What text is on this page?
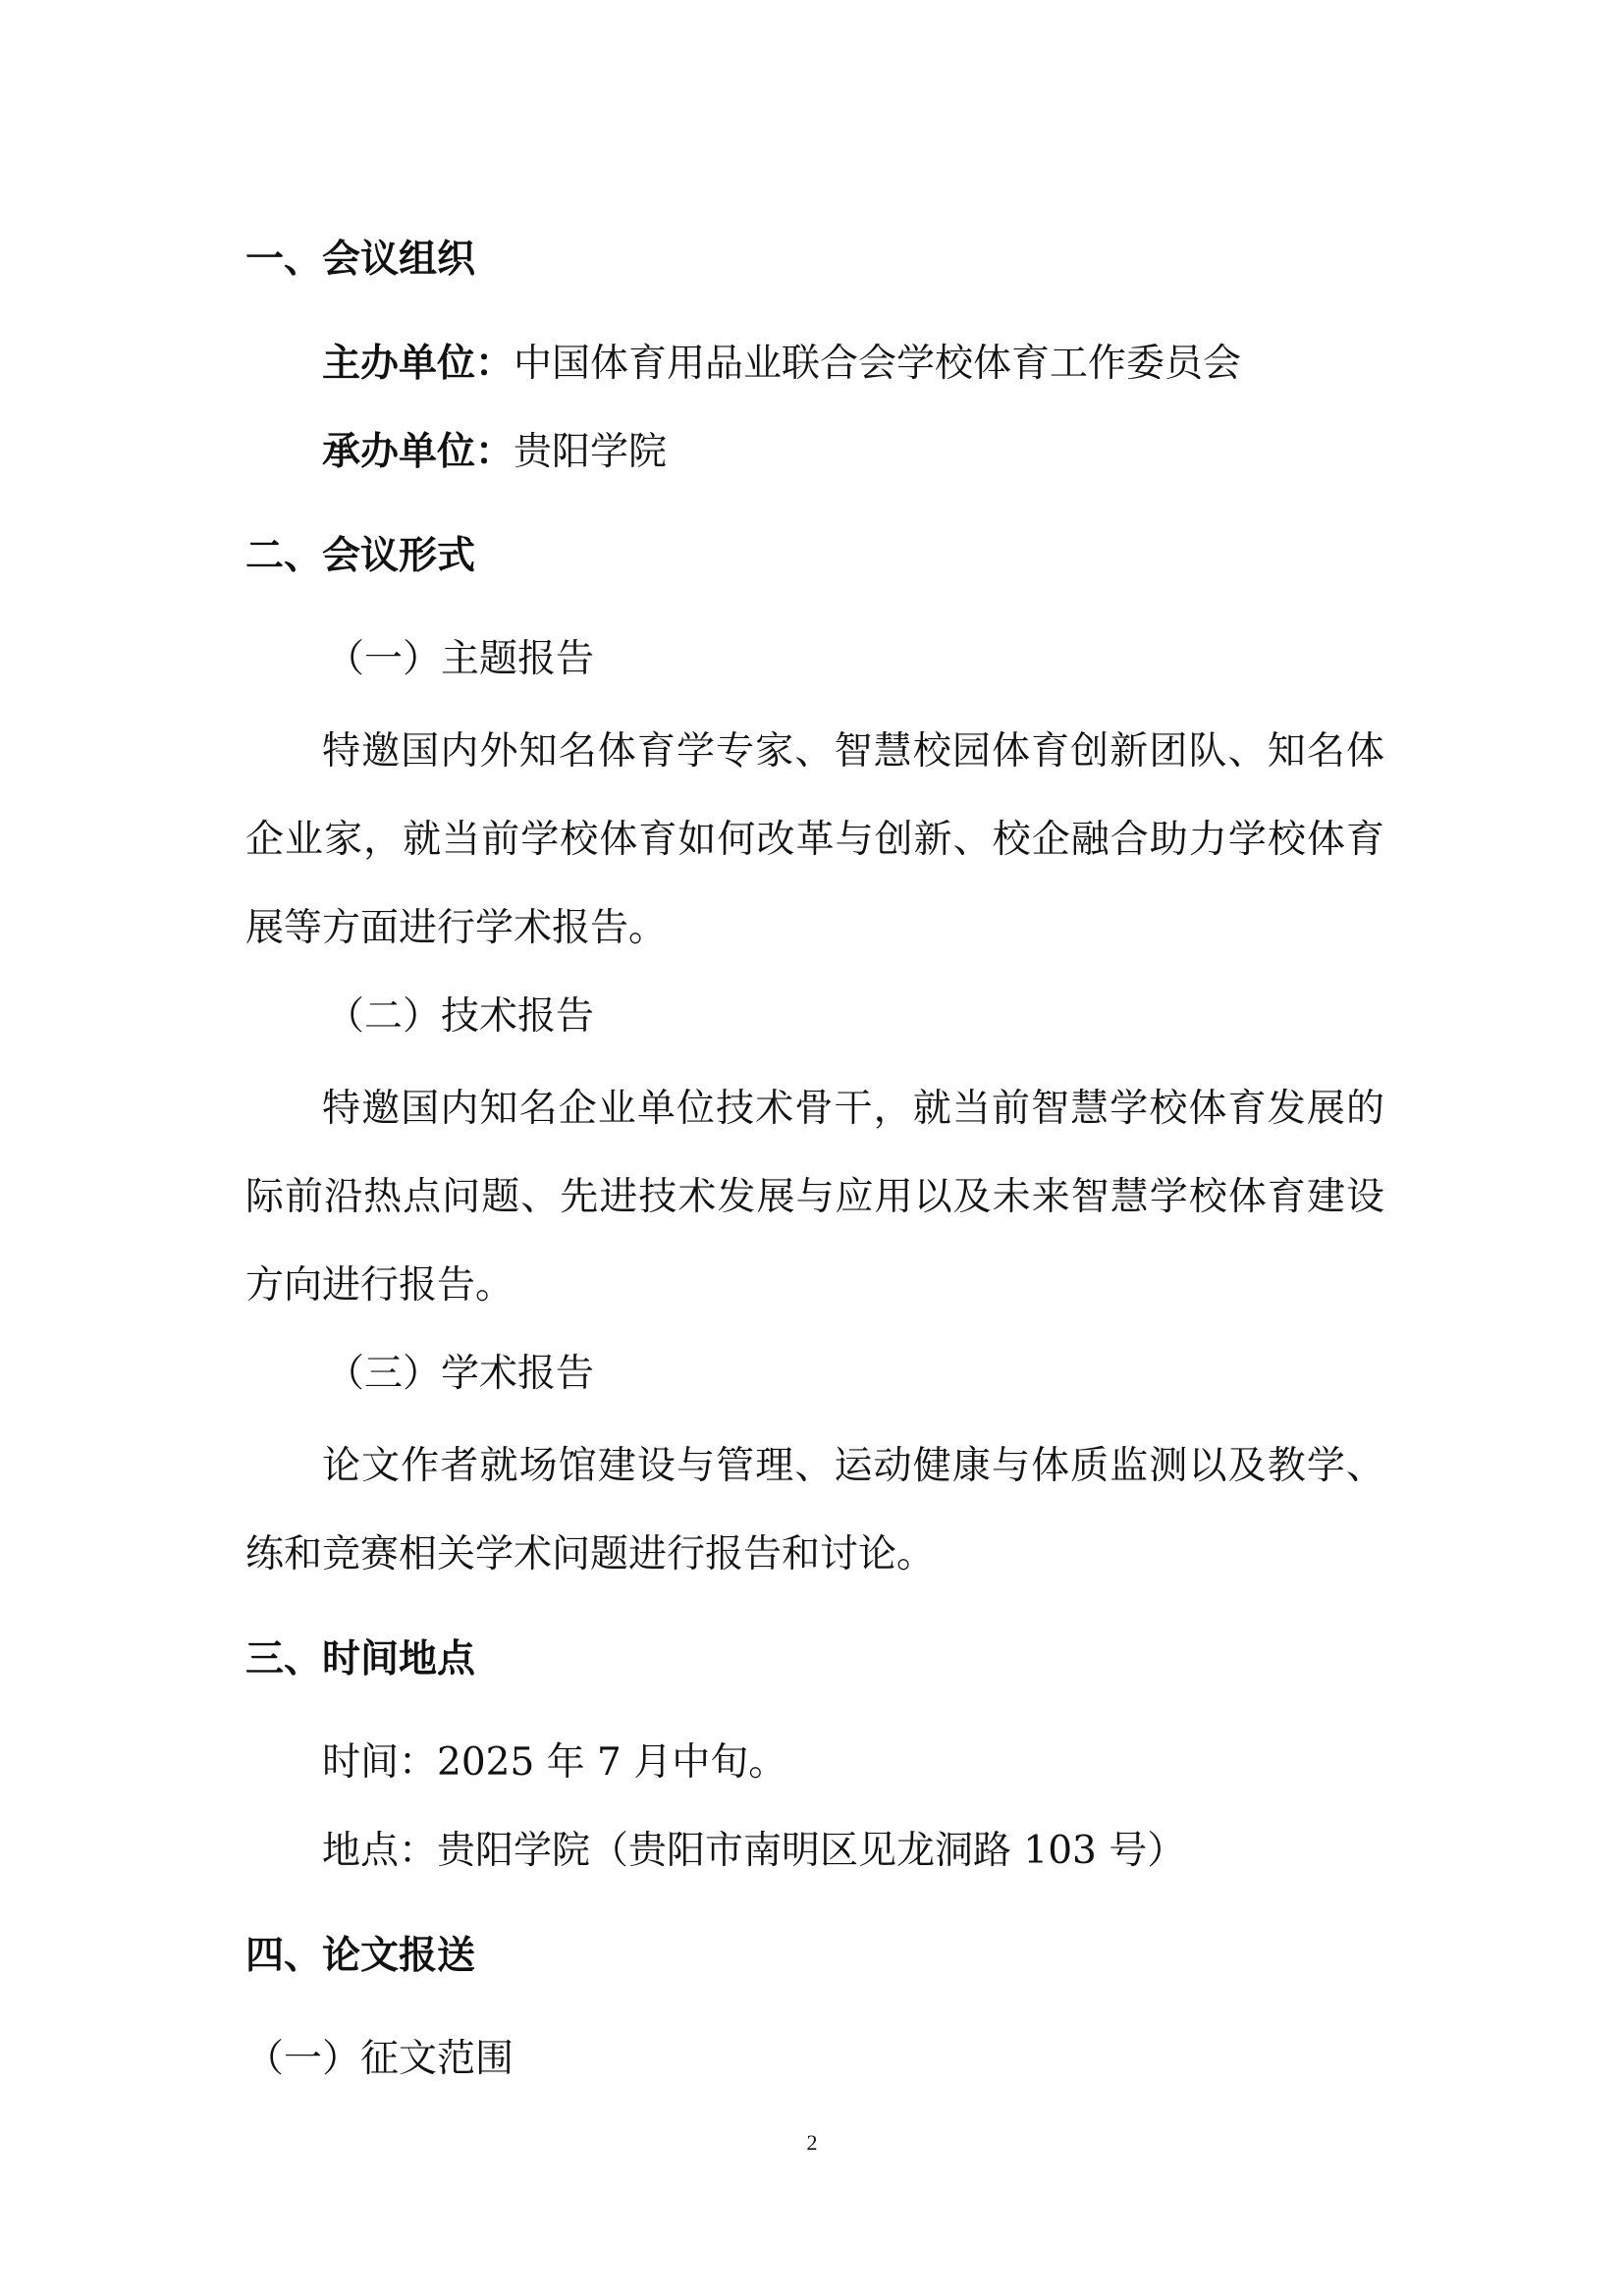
一、会议组织
主办单位：中国体育用品业联合会学校体育工作委员会
承办单位：贵阳学院
二、会议形式
（一）主题报告
特邀国内外知名体育学专家、智慧校园体育创新团队、知名体
企业家，就当前学校体育如何改革与创新、校企融合助力学校体育
展等方面进行学术报告。
（二）技术报告
特邀国内知名企业单位技术骨干，就当前智慧学校体育发展的
际前沿热点问题、先进技术发展与应用以及未来智慧学校体育建设
方向进行报告。
（三）学术报告
论文作者就场馆建设与管理、运动健康与体质监测以及教学、
练和竞赛相关学术问题进行报告和讨论。
三、时间地点
时间：2025 年 7 月中旬。
地点：贵阳学院（贵阳市南明区见龙洞路 103 号）
四、论文报送
（一）征文范围
2
